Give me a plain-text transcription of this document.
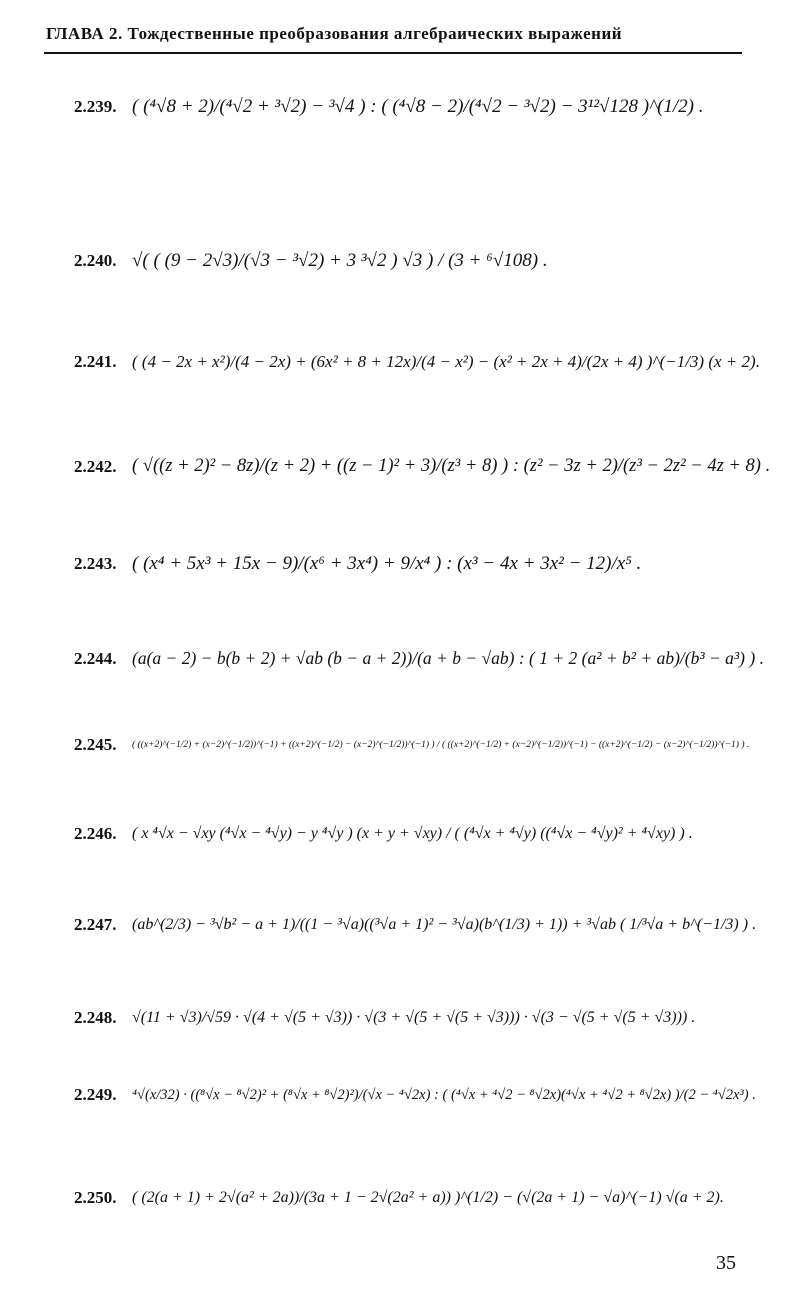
ГЛАВА 2. Тождественные преобразования алгебраических выражений
2.239. ( (⁴√8 + 2)/(⁴√2 + ³√2) − ³√4 ) : ( (⁴√8 − 2)/(⁴√2 − ³√2) − 3¹²√128 )^(1/2) .
2.240. √( ( (9 − 2√3)/(√3 − ³√2) + 3 ³√2 ) √3 ) / (3 + ⁶√108) .
2.241. ( (4 − 2x + x²)/(4 − 2x) + (6x² + 8 + 12x)/(4 − x²) − (x² + 2x + 4)/(2x + 4) )^(−1/3) (x + 2).
2.242. ( √((z + 2)² − 8z)/(z + 2) + ((z − 1)² + 3)/(z³ + 8) ) : (z² − 3z + 2)/(z³ − 2z² − 4z + 8) .
2.243. ( (x⁴ + 5x³ + 15x − 9)/(x⁶ + 3x⁴) + 9/x⁴ ) : (x³ − 4x + 3x² − 12)/x⁵ .
2.244. (a(a − 2) − b(b + 2) + √ab (b − a + 2))/(a + b − √ab) : ( 1 + 2 (a² + b² + ab)/(b³ − a³) ) .
2.245.	( ((x+2)^(−1/2) + (x−2)^(−1/2))^(−1) + ((x+2)^(−1/2) − (x−2)^(−1/2))^(−1) ) / ( ((x+2)^(−1/2) + (x−2)^(−1/2))^(−1) − ((x+2)^(−1/2) − (x−2)^(−1/2))^(−1) ) .
2.246. ( x ⁴√x − √xy (⁴√x − ⁴√y) − y ⁴√y ) (x + y + √xy) / ( (⁴√x + ⁴√y) ((⁴√x − ⁴√y)² + ⁴√xy) ) .
2.247. (ab^(2/3) − ³√b² − a + 1)/((1 − ³√a)((³√a + 1)² − ³√a)(b^(1/3) + 1)) + ³√ab ( 1/³√a + b^(−1/3) ) .
2.248. √(11 + √3)/√59 · √(4 + √(5 + √3)) · √(3 + √(5 + √(5 + √3))) · √(3 − √(5 + √(5 + √3))) .
2.249.	⁴√(x/32) · ((⁸√x − ⁸√2)² + (⁸√x + ⁸√2)²)/(√x − ⁴√2x) : ( (⁴√x + ⁴√2 − ⁸√2x)(⁴√x + ⁴√2 + ⁸√2x) )/(2 − ⁴√2x³) .
2.250. ( (2(a + 1) + 2√(a² + 2a))/(3a + 1 − 2√(2a² + a)) )^(1/2) − (√(2a + 1) − √a)^(−1) √(a + 2).
35
